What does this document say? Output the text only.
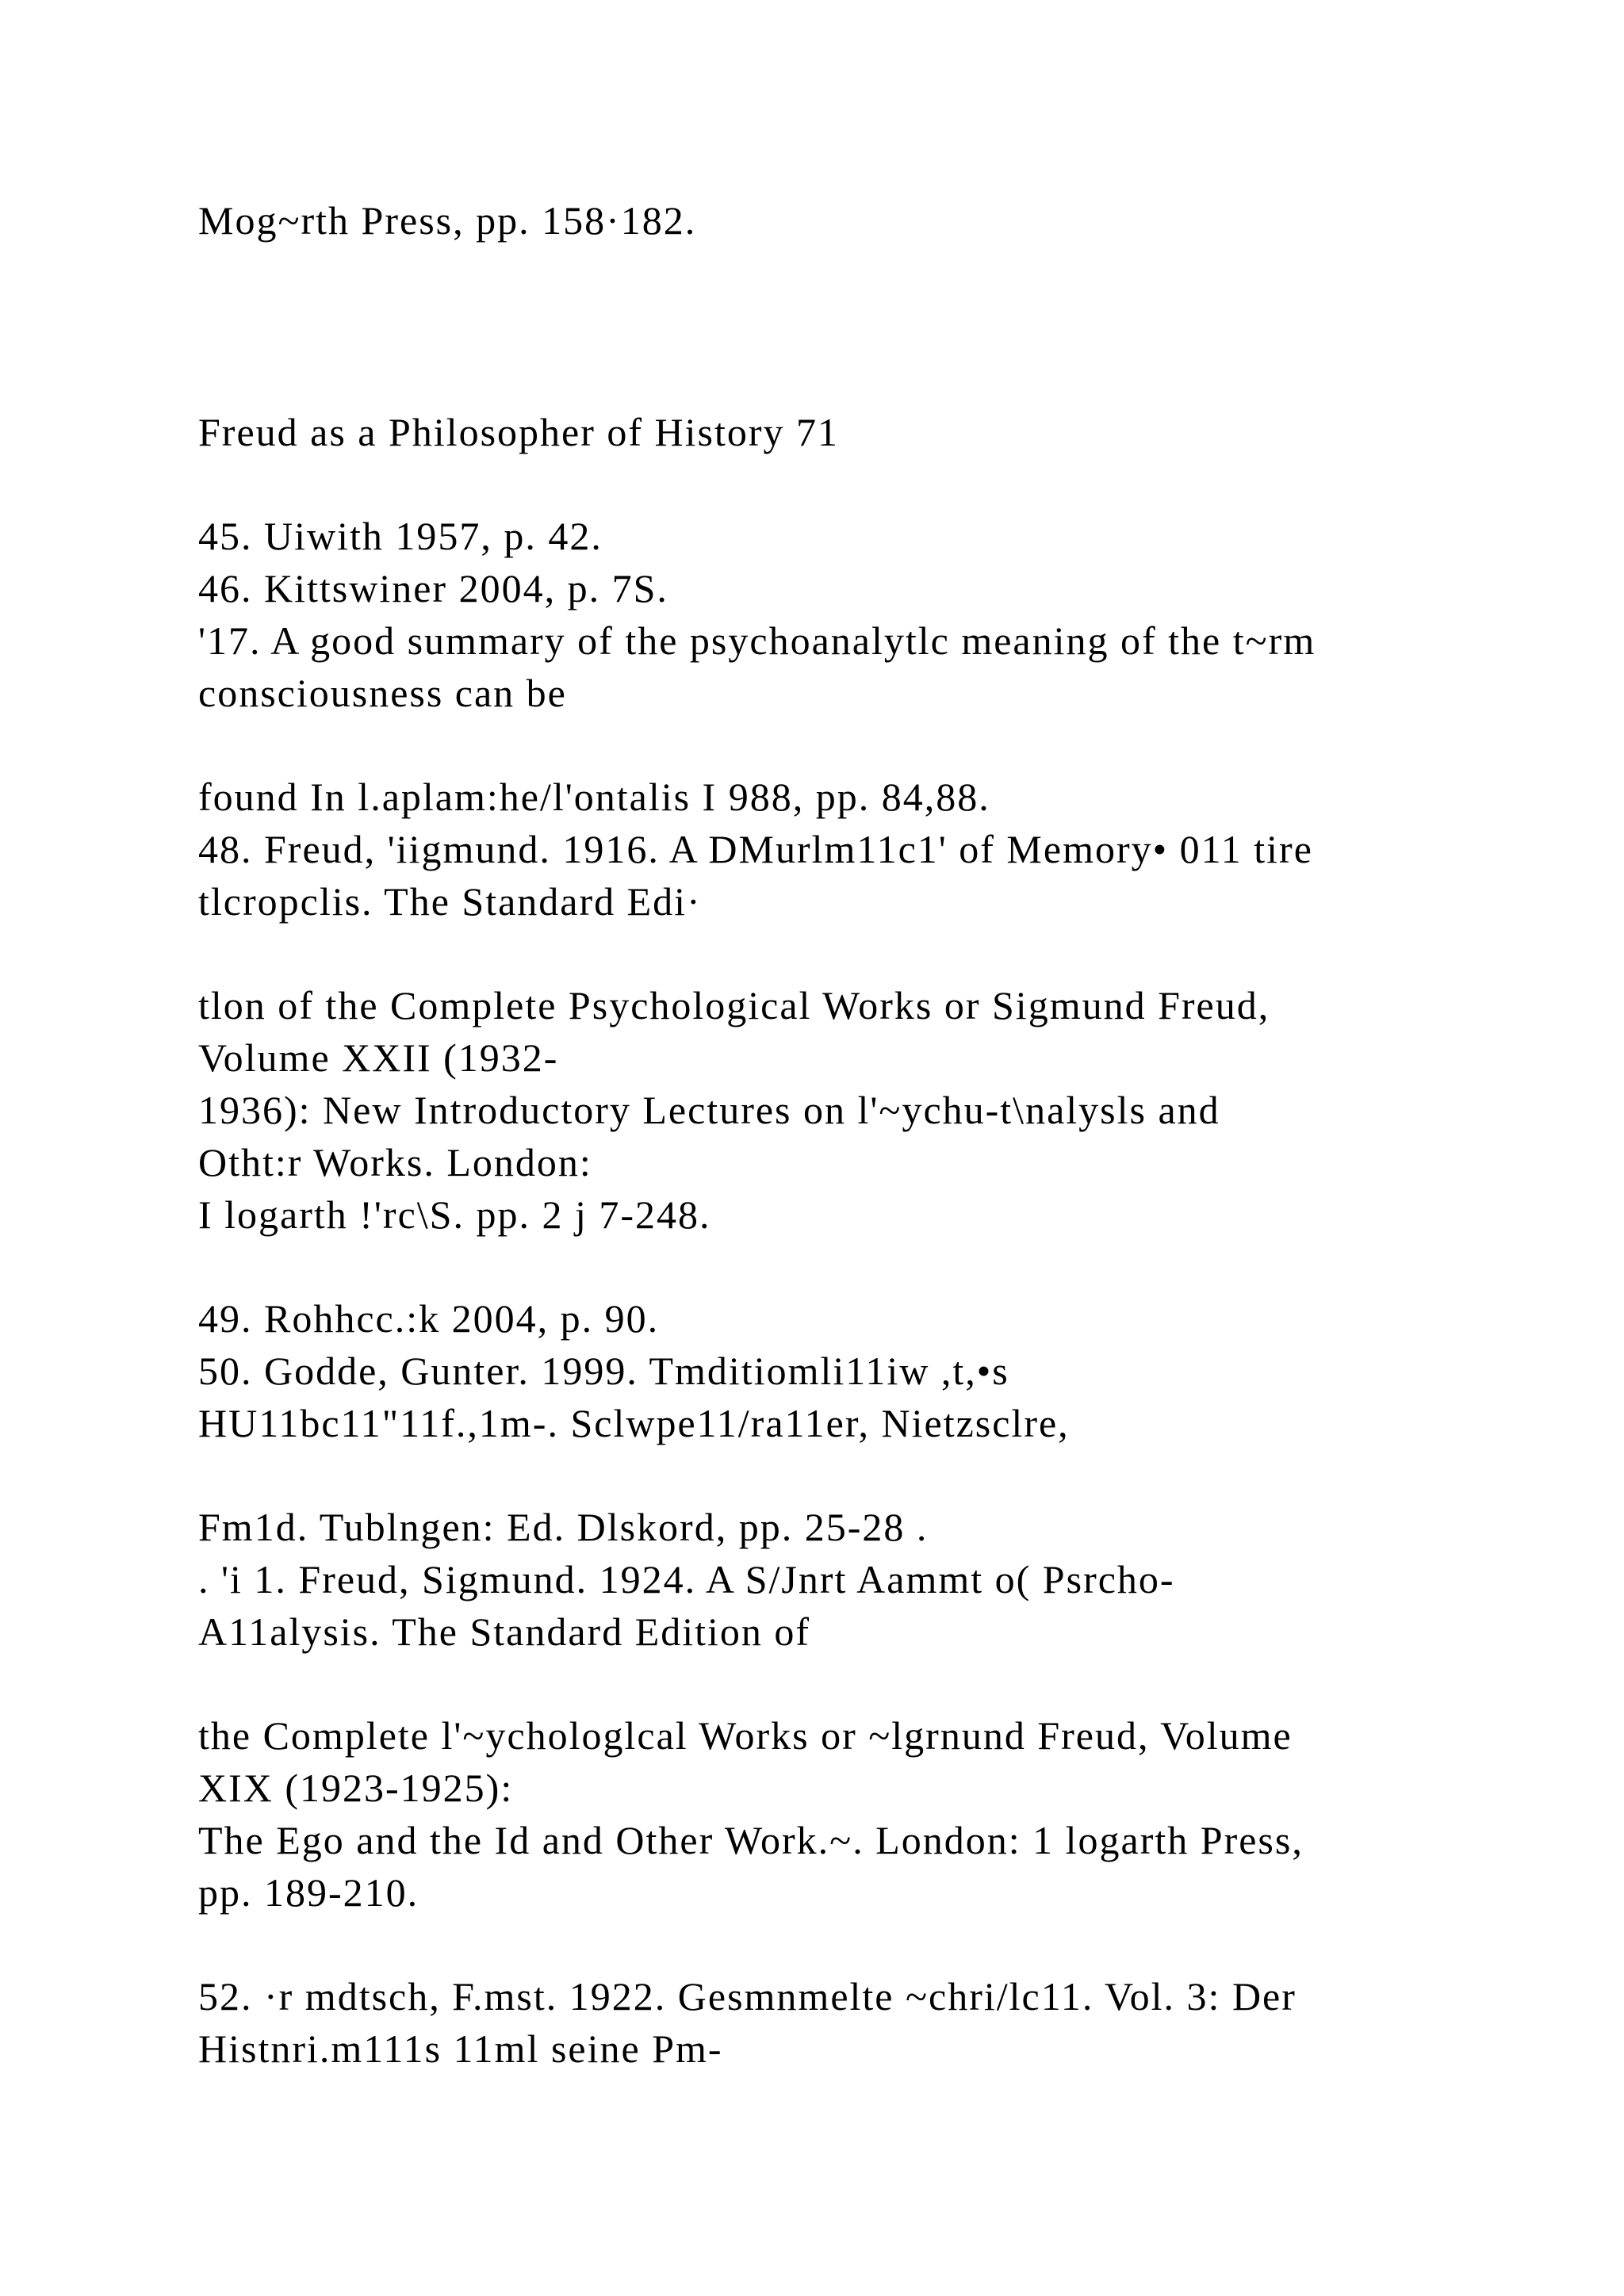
Mog~rth Press, pp. 158·182.
Freud as a Philosopher of History 71
45. Uiwith 1957, p. 42.
46. Kittswiner 2004, p. 7S.
'17. A good summary of the psychoanalytlc meaning of the t~rm
consciousness can be
found In l.aplam:he/l'ontalis I 988, pp. 84,88.
48. Freud, 'iigmund. 1916. A DMurlm11c1' of Memory• 011 tire
tlcropclis. The Standard Edi·
tlon of the Complete Psychological Works or Sigmund Freud,
Volume XXII (1932-
1936): New Introductory Lectures on l'~ychu-t\nalysls and
Otht:r Works. London:
I logarth !'rc\S. pp. 2 j 7-248.
49. Rohhcc.:k 2004, p. 90.
50. Godde, Gunter. 1999. Tmditiomli11iw ,t,•s
HU11bc11"11f.,1m-. Sclwpe11/ra11er, Nietzsclre,
Fm1d. Tublngen: Ed. Dlskord, pp. 25-28 .
. 'i 1. Freud, Sigmund. 1924. A S/Jnrt Aammt o( Psrcho-
A11alysis. The Standard Edition of
the Complete l'~ychologlcal Works or ~lgrnund Freud, Volume
XIX (1923-1925):
The Ego and the Id and Other Work.~. London: 1 logarth Press,
pp. 189-210.
52. ·r mdtsch, F.mst. 1922. Gesmnmelte ~chri/lc11. Vol. 3: Der
Histnri.m111s 11ml seine Pm-
